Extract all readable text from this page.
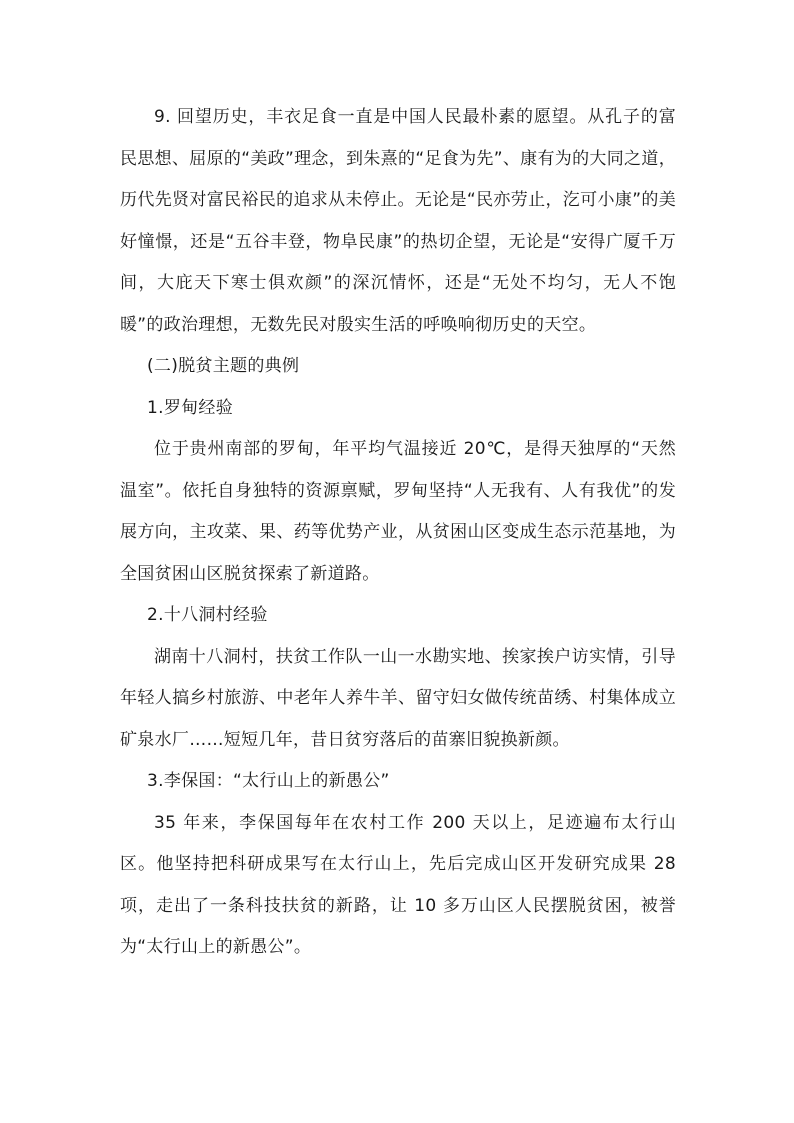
9. 回望历史，丰衣足食一直是中国人民最朴素的愿望。从孔子的富民思想、屈原的“美政”理念，到朱熹的“足食为先”、康有为的大同之道，历代先贤对富民裕民的追求从未停止。无论是“民亦劳止，汔可小康”的美好憧憬，还是“五谷丰登，物阜民康”的热切企望，无论是“安得广厦千万间，大庇天下寒士俱欢颜”的深沉情怀，还是“无处不均匀，无人不饱暖”的政治理想，无数先民对殷实生活的呼唤响彻历史的天空。

(二)脱贫主题的典例

1.罗甸经验

位于贵州南部的罗甸，年平均气温接近 20℃，是得天独厚的“天然温室”。依托自身独特的资源禀赋，罗甸坚持“人无我有、人有我优”的发展方向，主攻菜、果、药等优势产业，从贫困山区变成生态示范基地，为全国贫困山区脱贫探索了新道路。

2.十八洞村经验

湖南十八洞村，扶贫工作队一山一水勘实地、挨家挨户访实情，引导年轻人搞乡村旅游、中老年人养牛羊、留守妇女做传统苗绣、村集体成立矿泉水厂……短短几年，昔日贫穷落后的苗寨旧貌换新颜。

3.李保国：“太行山上的新愚公”

35 年来，李保国每年在农村工作 200 天以上，足迹遍布太行山区。他坚持把科研成果写在太行山上，先后完成山区开发研究成果 28 项，走出了一条科技扶贫的新路，让 10 多万山区人民摆脱贫困，被誉为“太行山上的新愚公”。
